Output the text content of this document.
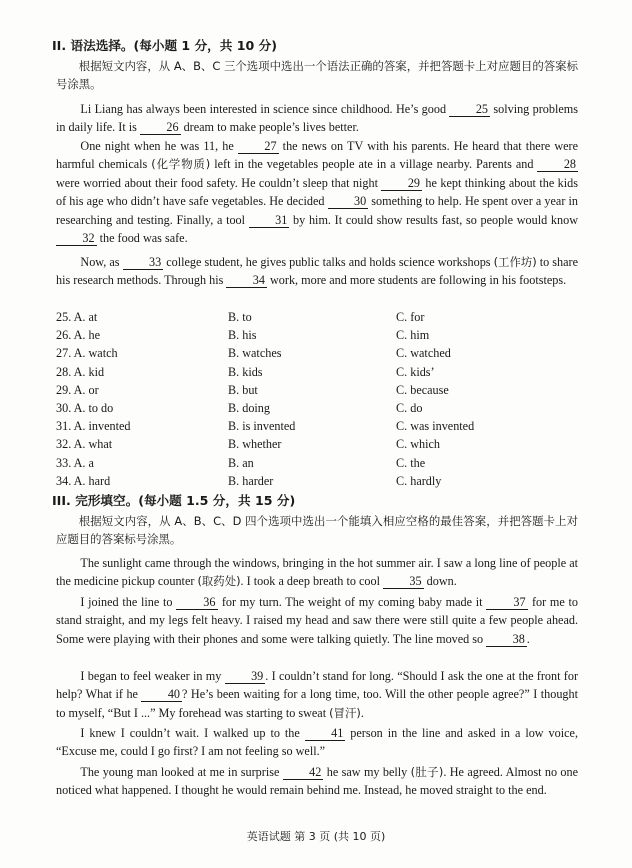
II. 语法选择。(每小题 1 分，共 10 分)

根据短文内容，从 A、B、C 三个选项中选出一个语法正确的答案，并把答题卡上对应题目的答案标号涂黑。

Li Liang has always been interested in science since childhood. He’s good 25 solving problems in daily life. It is 26 dream to make people’s lives better.

One night when he was 11, he 27 the news on TV with his parents. He heard that there were harmful chemicals (化学物质) left in the vegetables people ate in a village nearby. Parents and 28 were worried about their food safety. He couldn’t sleep that night 29 he kept thinking about the kids of his age who didn’t have safe vegetables. He decided 30 something to help. He spent over a year in researching and testing. Finally, a tool 31 by him. It could show results fast, so people would know 32 the food was safe.

Now, as 33 college student, he gives public talks and holds science workshops (工作坊) to share his research methods. Through his 34 work, more and more students are following in his footsteps.

25. A. at	B. to	C. for
26. A. he	B. his	C. him
27. A. watch	B. watches	C. watched
28. A. kid	B. kids	C. kids’
29. A. or	B. but	C. because
30. A. to do	B. doing	C. do
31. A. invented	B. is invented	C. was invented
32. A. what	B. whether	C. which
33. A. a	B. an	C. the
34. A. hard	B. harder	C. hardly
III. 完形填空。(每小题 1.5 分，共 15 分)

根据短文内容，从 A、B、C、D 四个选项中选出一个能填入相应空格的最佳答案，并把答题卡上对应题目的答案标号涂黑。

The sunlight came through the windows, bringing in the hot summer air. I saw a long line of people at the medicine pickup counter (取药处). I took a deep breath to cool 35 down.

I joined the line to 36 for my turn. The weight of my coming baby made it 37 for me to stand straight, and my legs felt heavy. I raised my head and saw there were still quite a few people ahead. Some were playing with their phones and some were talking quietly. The line moved so 38 .

I began to feel weaker in my 39 . I couldn’t stand for long. “Should I ask the one at the front for help? What if he 40 ? He’s been waiting for a long time, too. Will the other people agree?” I thought to myself, “But I ...” My forehead was starting to sweat (冒汗).

I knew I couldn’t wait. I walked up to the 41 person in the line and asked in a low voice, “Excuse me, could I go first? I am not feeling so well.”

The young man looked at me in surprise 42 he saw my belly (肚子). He agreed. Almost no one noticed what happened. I thought he would remain behind me. Instead, he moved straight to the end.

英语试题 第 3 页 (共 10 页)
